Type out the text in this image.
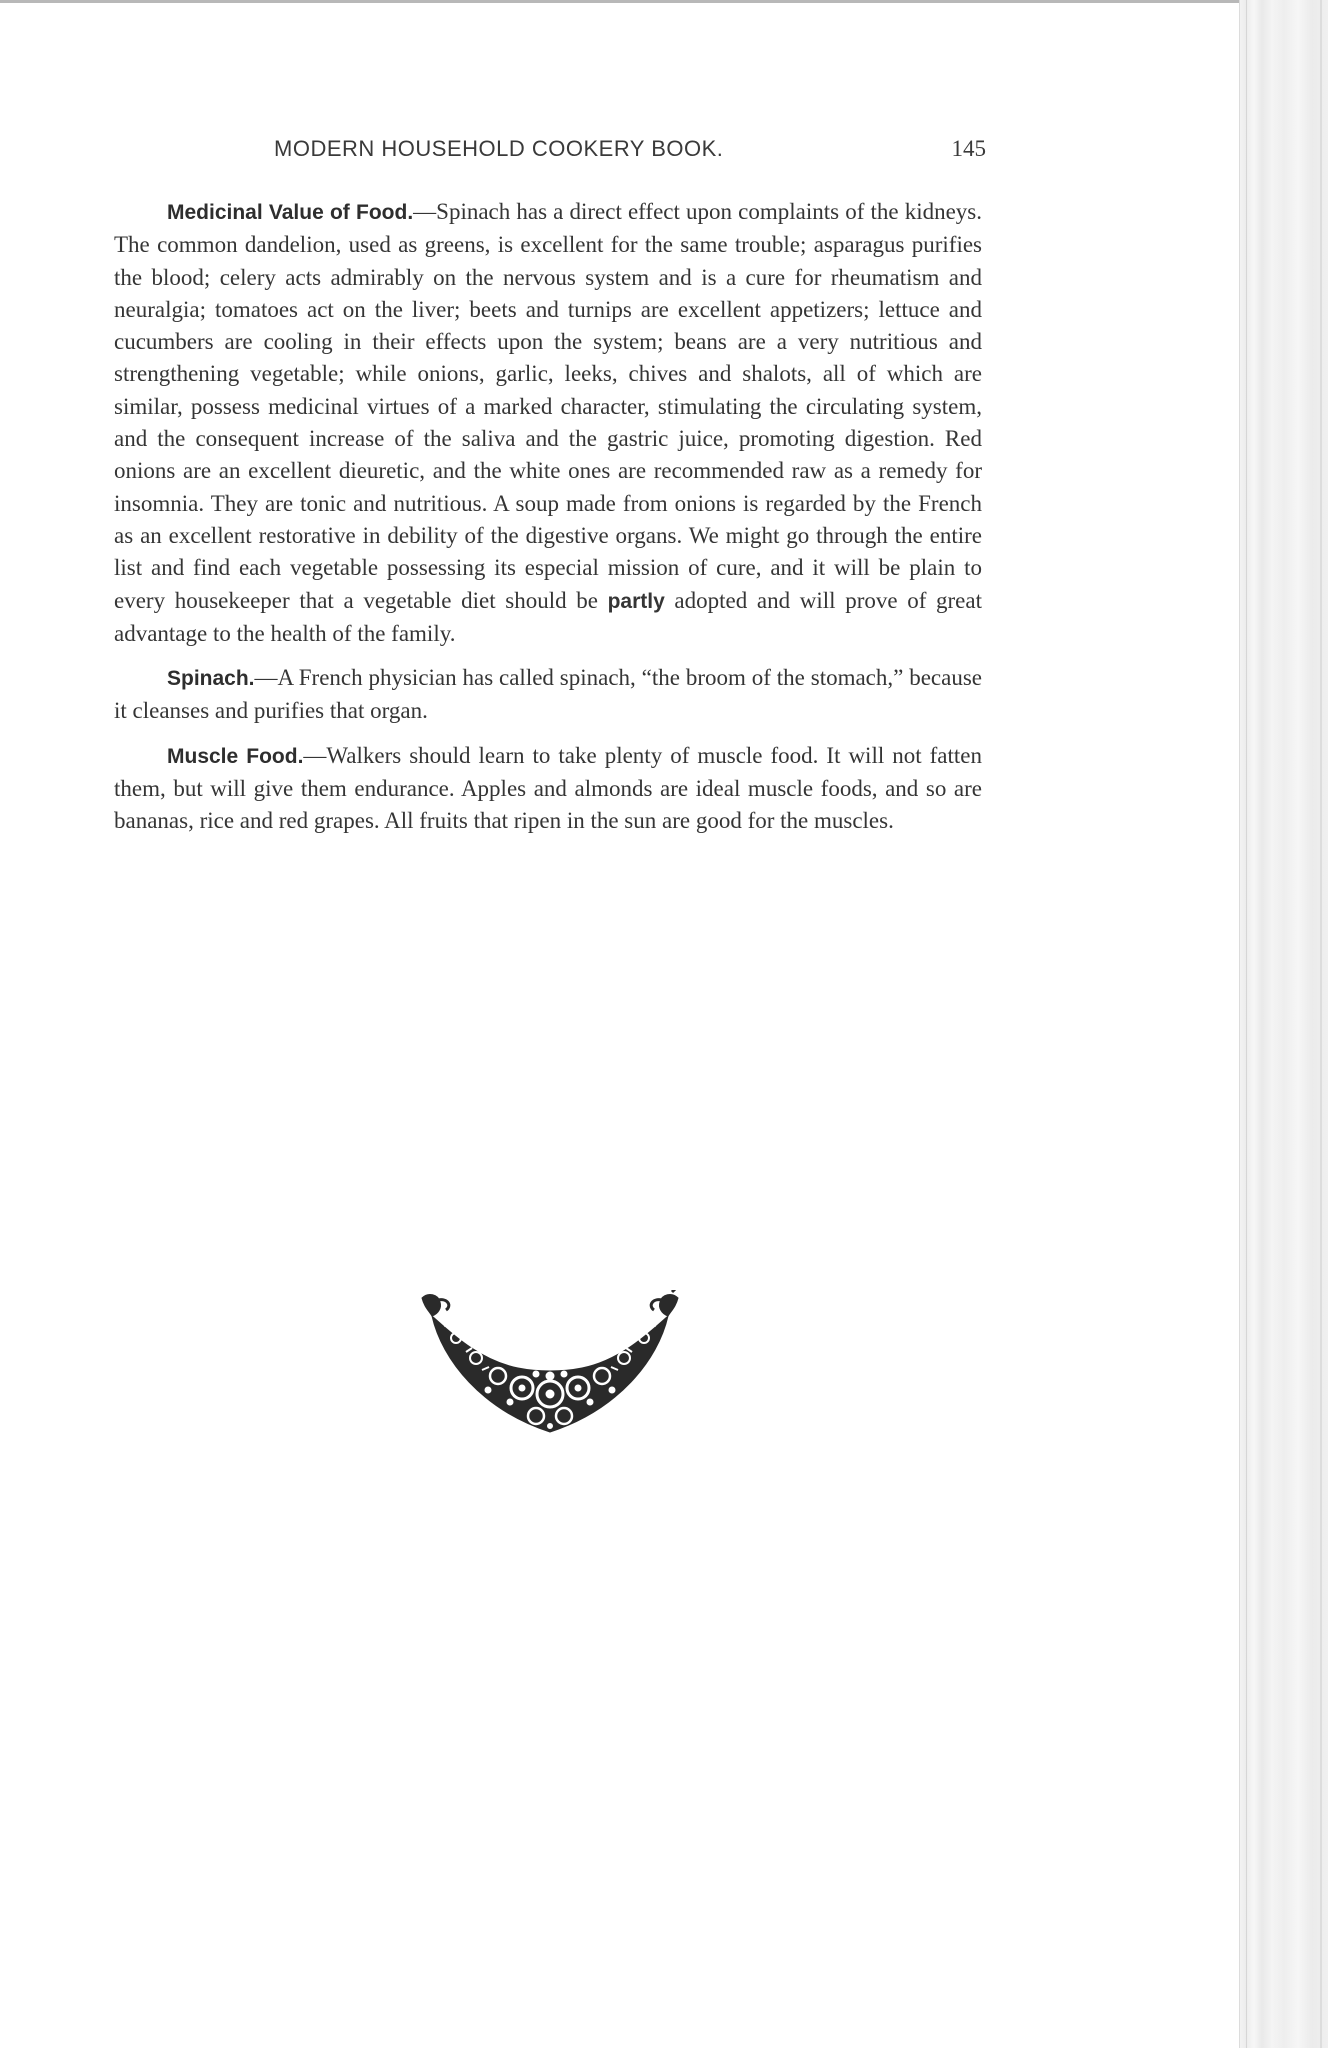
MODERN HOUSEHOLD COOKERY BOOK.	145

Medicinal Value of Food.—Spinach has a direct effect upon complaints of the kidneys. The common dandelion, used as greens, is excellent for the same trouble; asparagus purifies the blood; celery acts admirably on the nervous system and is a cure for rheumatism and neuralgia; tomatoes act on the liver; beets and turnips are excellent appetizers; lettuce and cucumbers are cooling in their effects upon the system; beans are a very nutritious and strengthening vegetable; while onions, garlic, leeks, chives and shalots, all of which are similar, possess medicinal virtues of a marked character, stimulating the circulating system, and the consequent increase of the saliva and the gastric juice, promoting digestion. Red onions are an excellent dieuretic, and the white ones are recommended raw as a remedy for insomnia. They are tonic and nutritious. A soup made from onions is regarded by the French as an excellent restorative in debility of the digestive organs. We might go through the entire list and find each vegetable possessing its especial mission of cure, and it will be plain to every housekeeper that a vegetable diet should be partly adopted and will prove of great advantage to the health of the family.

Spinach.—A French physician has called spinach, “the broom of the stomach,” because it cleanses and purifies that organ.

Muscle Food.—Walkers should learn to take plenty of muscle food. It will not fatten them, but will give them endurance. Apples and almonds are ideal muscle foods, and so are bananas, rice and red grapes. All fruits that ripen in the sun are good for the muscles.
